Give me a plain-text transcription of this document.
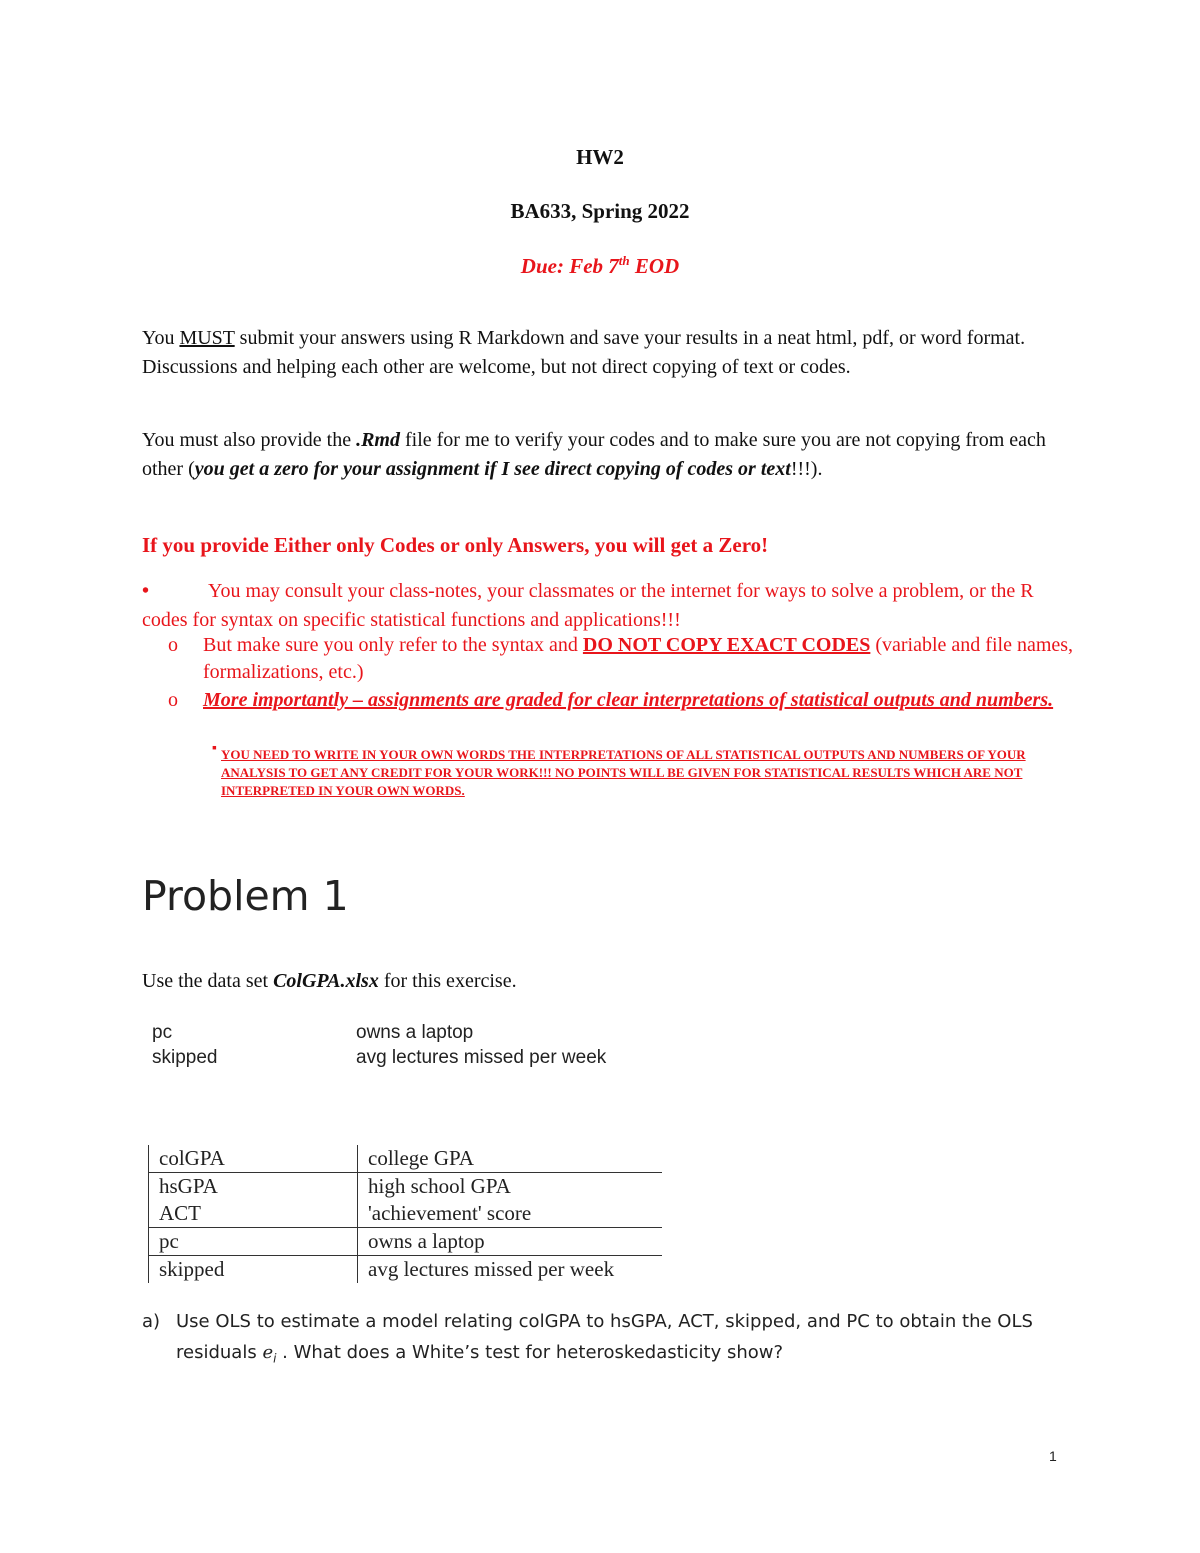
HW2
BA633, Spring 2022
Due: Feb 7th EOD
You MUST submit your answers using R Markdown and save your results in a neat html, pdf, or word format. Discussions and helping each other are welcome, but not direct copying of text or codes.
You must also provide the .Rmd file for me to verify your codes and to make sure you are not copying from each other (you get a zero for your assignment if I see direct copying of codes or text!!!).
If you provide Either only Codes or only Answers, you will get a Zero!
•	You may consult your class-notes, your classmates or the internet for ways to solve a problem, or the R codes for syntax on specific statistical functions and applications!!!
o But make sure you only refer to the syntax and DO NOT COPY EXACT CODES (variable and file names, formalizations, etc.)
o More importantly – assignments are graded for clear interpretations of statistical outputs and numbers.
▪ YOU NEED TO WRITE IN YOUR OWN WORDS THE INTERPRETATIONS OF ALL STATISTICAL OUTPUTS AND NUMBERS OF YOUR ANALYSIS TO GET ANY CREDIT FOR YOUR WORK!!! NO POINTS WILL BE GIVEN FOR STATISTICAL RESULTS WHICH ARE NOT INTERPRETED IN YOUR OWN WORDS.
Problem 1
Use the data set ColGPA.xlsx for this exercise.
pc	owns a laptop
skipped	avg lectures missed per week
colGPA	college GPA
hsGPA	high school GPA
ACT	'achievement' score
pc	owns a laptop
skipped	avg lectures missed per week
a) Use OLS to estimate a model relating colGPA to hsGPA, ACT, skipped, and PC to obtain the OLS residuals $e_i$ . What does a White’s test for heteroskedasticity show?
1
